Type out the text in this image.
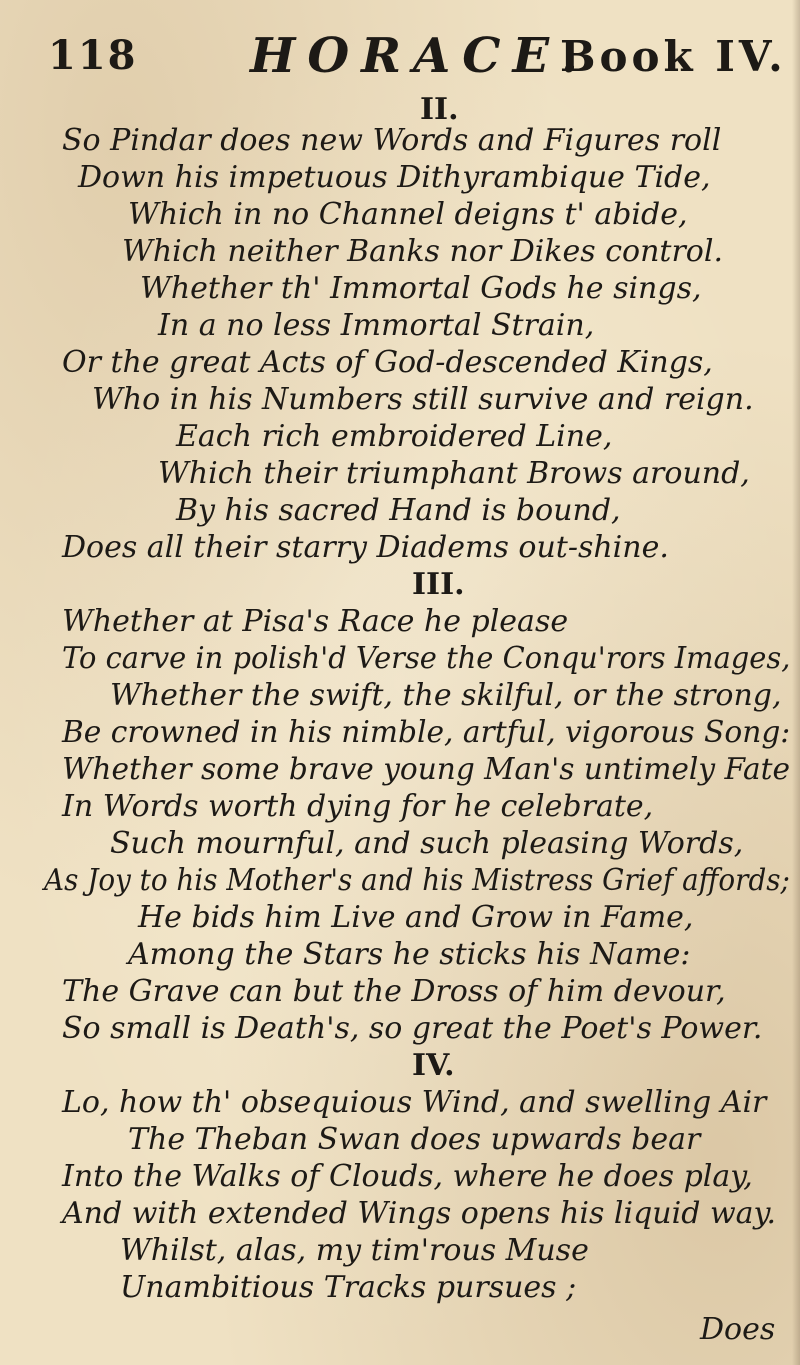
118 HORACE.
Book IV.
II.
So Pindar does new Words and Figures roll
Down his impetuous Dithyrambique Tide,
Which in no Channel deigns t' abide,
Which neither Banks nor Dikes control.
Whether th' Immortal Gods he sings,
In a no less Immortal Strain,
Or the great Acts of God-descended Kings,
Who in his Numbers still survive and reign.
Each rich embroidered Line,
Which their triumphant Brows around,
By his sacred Hand is bound,
Does all their starry Diadems out-shine.
III.
Whether at Pisa's Race he please
To carve in polish'd Verse the Conqu'rors Images,
Whether the swift, the skilful, or the strong,
Be crowned in his nimble, artful, vigorous Song:
Whether some brave young Man's untimely Fate
In Words worth dying for he celebrate,
Such mournful, and such pleasing Words,
As Joy to his Mother's and his Mistress Grief affords;
He bids him Live and Grow in Fame,
Among the Stars he sticks his Name:
The Grave can but the Dross of him devour,
So small is Death's, so great the Poet's Power.
IV.
Lo, how th' obsequious Wind, and swelling Air
The Theban Swan does upwards bear
Into the Walks of Clouds, where he does play,
And with extended Wings opens his liquid way.
Whilst, alas, my tim'rous Muse
Unambitious Tracks pursues ;
Does
